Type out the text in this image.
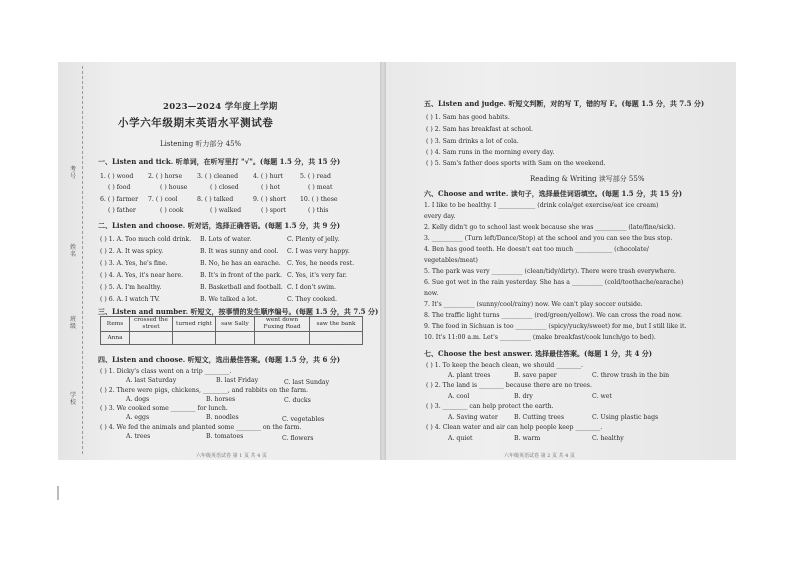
考号
姓名
班级
学校
2023—2024 学年度上学期
小学六年级期末英语水平测试卷
Listening 听力部分 45%
一、Listen and tick. 听单词，在听写里打 "√"。(每题 1.5 分，共 15 分)
1. ( ) wood 2. ( ) horse 3. ( ) cleaned 4. ( ) hurt	5. ( ) read
( ) food	( ) house	( ) closed	( ) hot	( ) meat
6. ( ) farmer 7. ( ) cool	8. ( ) talked	9. ( ) short 10. ( ) these
( ) father	( ) cook	( ) walked	( ) sport	( ) this
二、Listen and choose. 听对话，选择正确答语。(每题 1.5 分，共 9 分)
( ) 1. A. Too much cold drink. B. Lots of water.	C. Plenty of jelly.
( ) 2. A. It was spicy.	B. It was sunny and cool. C. I was very happy.
( ) 3. A. Yes, he's fine.	B. No, he has an earache. C. Yes, he needs rest.
( ) 4. A. Yes, it's near here.	B. It's in front of the park. C. Yes, it's very far.
( ) 5. A. I'm healthy.	B. Basketball and football. C. I don't swim.
( ) 6. A. I watch TV.	B. We talked a lot.	C. They cooked.
三、Listen and number. 听短文，按事情的发生顺序编号。(每题 1.5 分，共 7.5 分)
Items	crossed the street	turned right	saw Sally	went down Fuxing Road	saw the bank
Anna					
四、Listen and choose. 听短文，选出最佳答案。(每题 1.5 分，共 6 分)
( ) 1. Dicky's class went on a trip ________.
A. last Saturday	B. last Friday	C. last Sunday
( ) 2. There were pigs, chickens, ________, and rabbits on the farm.
A. dogs	B. horses	C. ducks
( ) 3. We cooked some ________ for lunch.
A. eggs	B. noodles	C. vegetables
( ) 4. We fed the animals and planted some ________ on the farm.
A. trees	B. tomatoes	C. flowers
六年级英语试卷 第 1 页 共 4 页
五、Listen and judge. 听短文判断，对的写 T，错的写 F。(每题 1.5 分，共 7.5 分)
( ) 1. Sam has good habits.
( ) 2. Sam has breakfast at school.
( ) 3. Sam drinks a lot of cola.
( ) 4. Sam runs in the morning every day.
( ) 5. Sam's father does sports with Sam on the weekend.
Reading & Writing 读写部分 55%
六、Choose and write. 读句子，选择最佳词语填空。(每题 1.5 分，共 15 分)
1. I like to be healthy. I ____________ (drink cola/get exercise/eat ice cream)
every day.
2. Kelly didn't go to school last week because she was __________ (late/fine/sick).
3. __________ (Turn left/Dance/Stop) at the school and you can see the bus stop.
4. Ben has good teeth. He doesn't eat too much ____________ (chocolate/
vegetables/meat)
5. The park was very __________ (clean/tidy/dirty). There were trash everywhere.
6. Sue got wet in the rain yesterday. She has a __________ (cold/toothache/earache)
now.
7. It's __________ (sunny/cool/rainy) now. We can't play soccer outside.
8. The traffic light turns __________ (red/green/yellow). We can cross the road now.
9. The food in Sichuan is too __________ (spicy/yucky/sweet) for me, but I still like it.
10. It's 11:00 a.m. Let's __________ (make breakfast/cook lunch/go to bed).
七、Choose the best answer. 选择最佳答案。(每题 1 分，共 4 分)
( ) 1. To keep the beach clean, we should ________.
A. plant trees	B. save paper	C. throw trash in the bin
( ) 2. The land is ________ because there are no trees.
A. cool	B. dry	C. wet
( ) 3. ________ can help protect the earth.
A. Saving water	B. Cutting trees	C. Using plastic bags
( ) 4. Clean water and air can help people keep ________.
A. quiet	B. warm	C. healthy
六年级英语试卷 第 2 页 共 4 页
